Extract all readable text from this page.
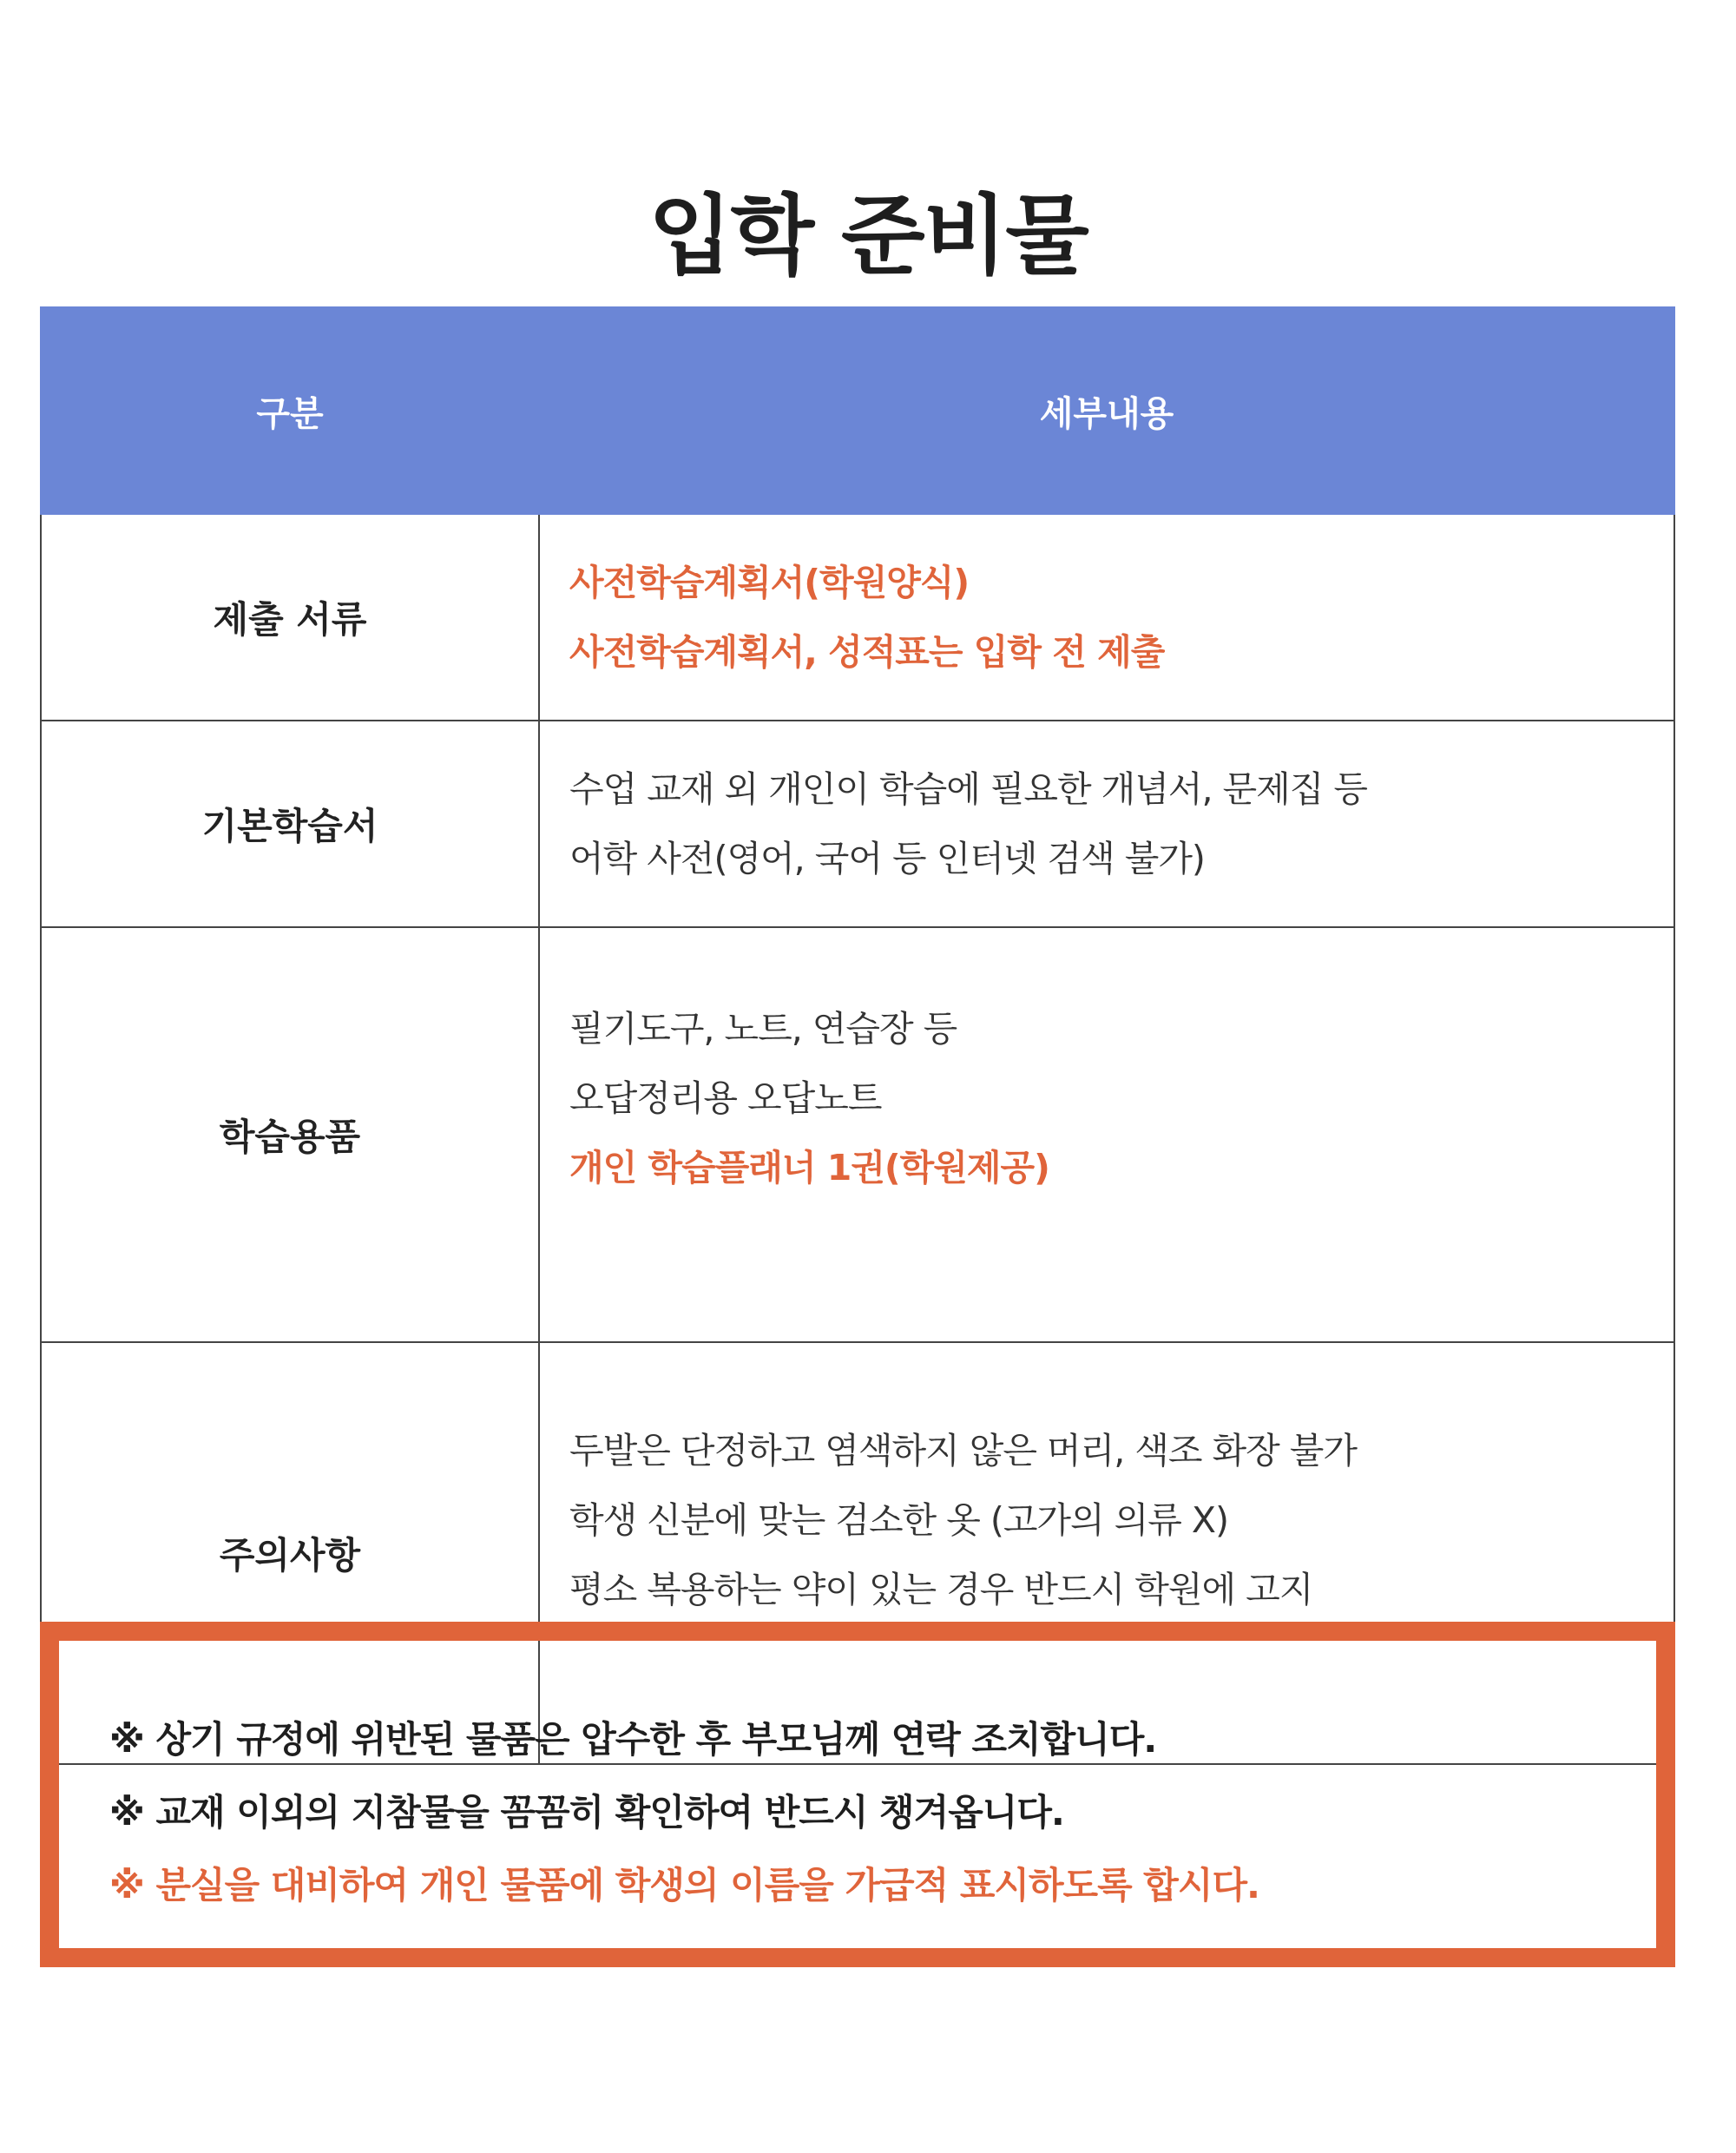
입학 준비물
구분	세부내용
제출 서류	사전학습계획서(학원양식)
사전학습계획서, 성적표는 입학 전 제출

기본학습서	수업 교재 외 개인이 학습에 필요한 개념서, 문제집 등
어학 사전(영어, 국어 등 인터넷 검색 불가)

학습용품	필기도구, 노트, 연습장 등
오답정리용 오답노트
개인 학습플래너 1권(학원제공)

주의사항	두발은 단정하고 염색하지 않은 머리, 색조 화장 불가
학생 신분에 맞는 검소한 옷 (고가의 의류 X)
평소 복용하는 약이 있는 경우 반드시 학원에 고지
※ 상기 규정에 위반된 물품은 압수한 후 부모님께 연락 조치합니다.
※ 교재 이외의 지참물을 꼼꼼히 확인하여 반드시 챙겨옵니다.
※ 분실을 대비하여 개인 물품에 학생의 이름을 가급적 표시하도록 합시다.
